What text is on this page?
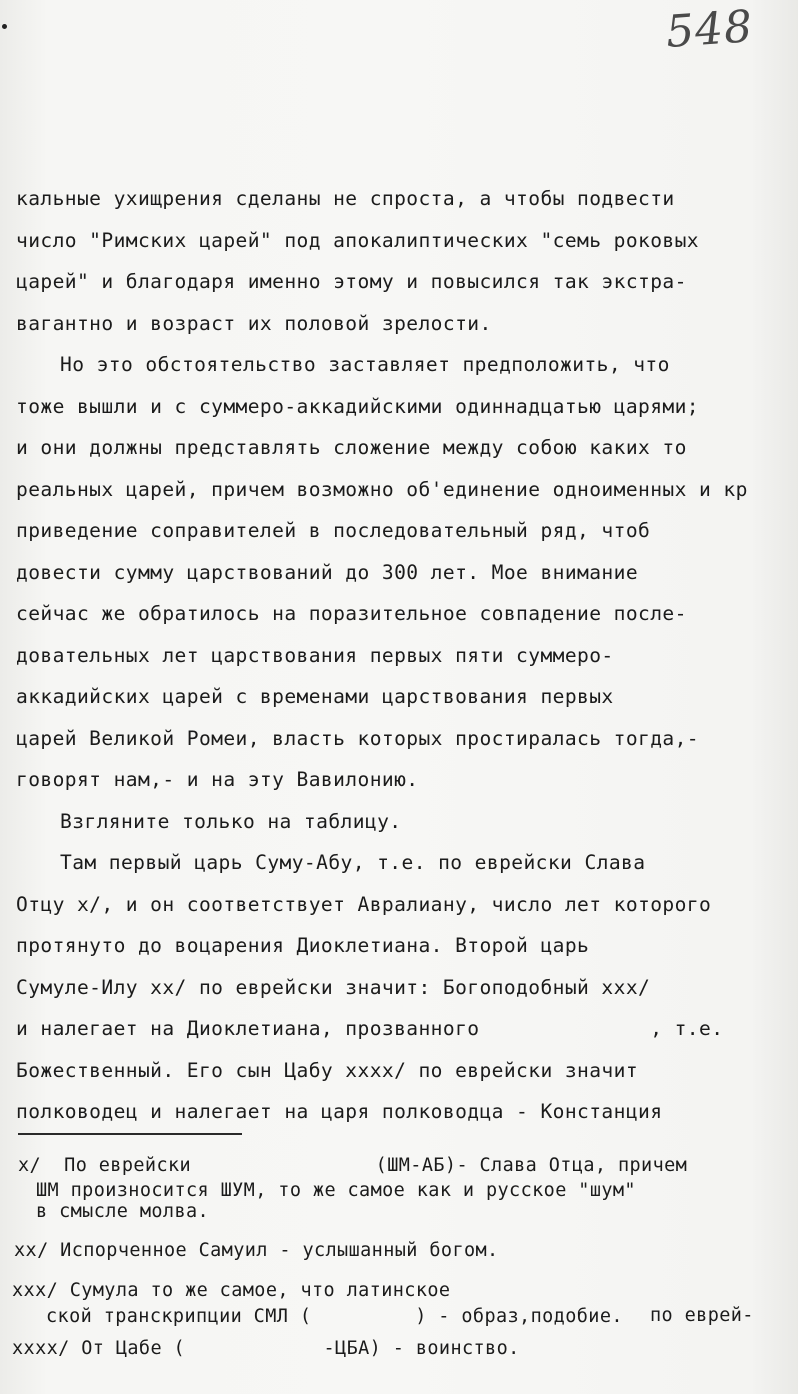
548
кальные ухищрения сделаны не спроста, а чтобы подвести
число "Римских царей" под апокалиптических "семь роковых
царей" и благодаря именно этому и повысился так экстра-
вагантно и возраст их половой зрелости.
Но это обстоятельство заставляет предположить, что
тоже вышли и с суммеро-аккадийскими одиннадцатью царями;
и они должны представлять сложение между собою каких то
реальных царей, причем возможно об'единение одноименных и кр
приведение соправителей в последовательный ряд, чтоб
довести сумму царствований до 300 лет. Мое внимание
сейчас же обратилось на поразительное совпадение после-
довательных лет царствования первых пяти суммеро-
аккадийских царей с временами царствования первых
царей Великой Ромеи, власть которых простиралась тогда,-
говорят нам,- и на эту Вавилонию.
Взгляните только на таблицу.
Там первый царь Суму-Абу, т.е. по еврейски Слава
Отцу x/, и он соответствует Авралиану, число лет которого
протянуто до воцарения Диоклетиана. Второй царь
Сумуле-Илу xx/ по еврейски значит: Богоподобный xxx/
и налегает на Диоклетиана, прозванного              , т.е.
Божественный. Его сын Цабу xxxx/ по еврейски значит
полководец и налегает на царя полководца - Констанция
x/  По еврейски                (ШМ-АБ)- Слава Отца, причем
ШМ произносится ШУМ, то же самое как и русское "шум"
в смысле молва.
xx/ Испорченное Самуил - услышанный богом.
xxx/ Сумула то же самое, что латинское
ской транскрипции СМЛ (         ) - образ,подобие. по еврей-
xxxx/ От Цабе (            -ЦБА) - воинство.
